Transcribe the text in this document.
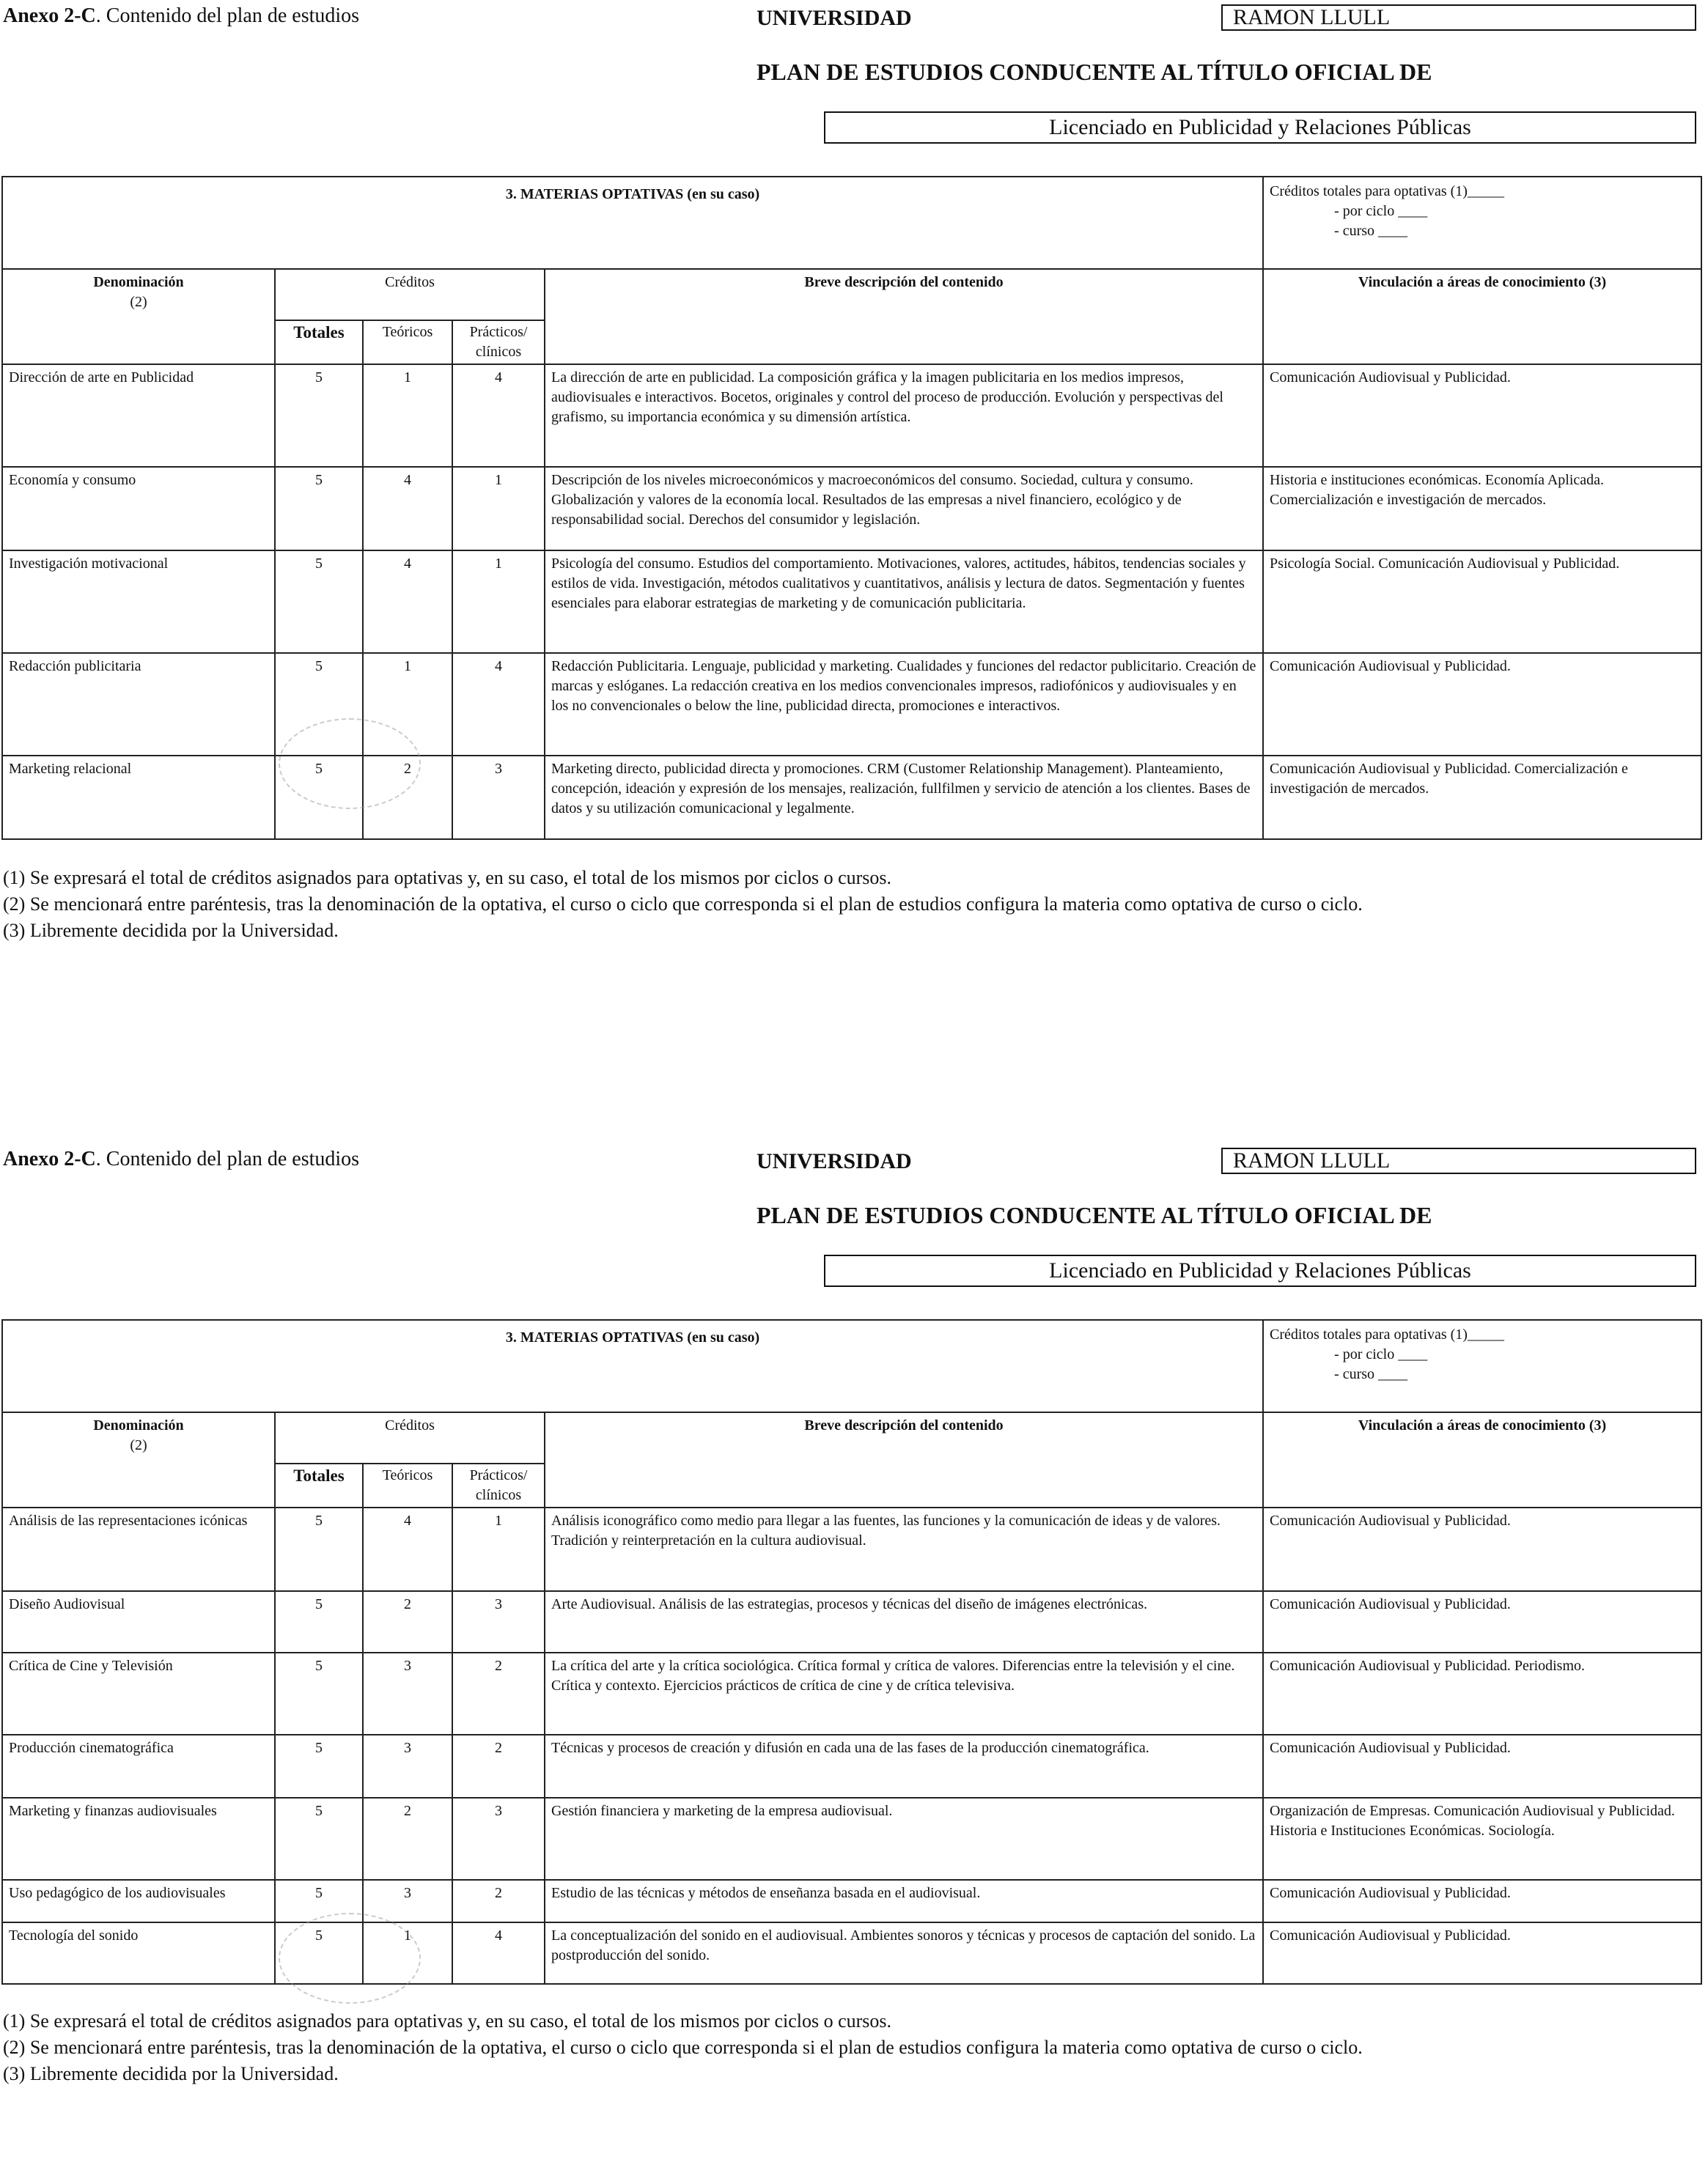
Anexo 2-C. Contenido del plan de estudios	UNIVERSIDAD	RAMON LLULL
PLAN DE ESTUDIOS CONDUCENTE AL TÍTULO OFICIAL DE
Licenciado en Publicidad y Relaciones Públicas
3. MATERIAS OPTATIVAS (en su caso)					Créditos totales para optativas (1)_____
- por ciclo ____
- curso ____

Denominación
(2)	Créditos			Breve descripción del contenido	Vinculación a áreas de conocimiento (3)
	Totales	Teóricos	Prácticos/ clínicos		
Dirección de arte en Publicidad	5	1	4	La dirección de arte en publicidad. La composición gráfica y la imagen publicitaria en los medios impresos, audiovisuales e interactivos. Bocetos, originales y control del proceso de producción. Evolución y perspectivas del grafismo, su importancia económica y su dimensión artística.	Comunicación Audiovisual y Publicidad.
Economía y consumo	5	4	1	Descripción de los niveles microeconómicos y macroeconómicos del consumo. Sociedad, cultura y consumo. Globalización y valores de la economía local. Resultados de las empresas a nivel financiero, ecológico y de responsabilidad social. Derechos del consumidor y legislación.	Historia e instituciones económicas. Economía Aplicada. Comercialización e investigación de mercados.
Investigación motivacional	5	4	1	Psicología del consumo. Estudios del comportamiento. Motivaciones, valores, actitudes, hábitos, tendencias sociales y estilos de vida. Investigación, métodos cualitativos y cuantitativos, análisis y lectura de datos. Segmentación y fuentes esenciales para elaborar estrategias de marketing y de comunicación publicitaria.	Psicología Social. Comunicación Audiovisual y Publicidad.
Redacción publicitaria	5	1	4	Redacción Publicitaria. Lenguaje, publicidad y marketing. Cualidades y funciones del redactor publicitario. Creación de marcas y eslóganes. La redacción creativa en los medios convencionales impresos, radiofónicos y audiovisuales y en los no convencionales o below the line, publicidad directa, promociones e interactivos.	Comunicación Audiovisual y Publicidad.
Marketing relacional	5	2	3	Marketing directo, publicidad directa y promociones. CRM (Customer Relationship Management). Planteamiento, concepción, ideación y expresión de los mensajes, realización, fullfilmen y servicio de atención a los clientes. Bases de datos y su utilización comunicacional y legalmente.	Comunicación Audiovisual y Publicidad. Comercialización e investigación de mercados.
(1) Se expresará el total de créditos asignados para optativas y, en su caso, el total de los mismos por ciclos o cursos.
(2) Se mencionará entre paréntesis, tras la denominación de la optativa, el curso o ciclo que corresponda si el plan de estudios configura la materia como optativa de curso o ciclo.
(3) Libremente decidida por la Universidad.
Anexo 2-C. Contenido del plan de estudios	UNIVERSIDAD	RAMON LLULL
PLAN DE ESTUDIOS CONDUCENTE AL TÍTULO OFICIAL DE
Licenciado en Publicidad y Relaciones Públicas
3. MATERIAS OPTATIVAS (en su caso)					Créditos totales para optativas (1)_____
- por ciclo ____
- curso ____

Denominación
(2)	Créditos			Breve descripción del contenido	Vinculación a áreas de conocimiento (3)
	Totales	Teóricos	Prácticos/ clínicos		
Análisis de las representaciones icónicas	5	4	1	Análisis iconográfico como medio para llegar a las fuentes, las funciones y la comunicación de ideas y de valores. Tradición y reinterpretación en la cultura audiovisual.	Comunicación Audiovisual y Publicidad.
Diseño Audiovisual	5	2	3	Arte Audiovisual. Análisis de las estrategias, procesos y técnicas del diseño de imágenes electrónicas.	Comunicación Audiovisual y Publicidad.
Crítica de Cine y Televisión	5	3	2	La crítica del arte y la crítica sociológica. Crítica formal y crítica de valores. Diferencias entre la televisión y el cine. Crítica y contexto. Ejercicios prácticos de crítica de cine y de crítica televisiva.	Comunicación Audiovisual y Publicidad. Periodismo.
Producción cinematográfica	5	3	2	Técnicas y procesos de creación y difusión en cada una de las fases de la producción cinematográfica.	Comunicación Audiovisual y Publicidad.
Marketing y finanzas audiovisuales	5	2	3	Gestión financiera y marketing de la empresa audiovisual.	Organización de Empresas. Comunicación Audiovisual y Publicidad. Historia e Instituciones Económicas. Sociología.
Uso pedagógico de los audiovisuales	5	3	2	Estudio de las técnicas y métodos de enseñanza basada en el audiovisual.	Comunicación Audiovisual y Publicidad.
Tecnología del sonido	5	1	4	La conceptualización del sonido en el audiovisual. Ambientes sonoros y técnicas y procesos de captación del sonido. La postproducción del sonido.	Comunicación Audiovisual y Publicidad.
(1) Se expresará el total de créditos asignados para optativas y, en su caso, el total de los mismos por ciclos o cursos.
(2) Se mencionará entre paréntesis, tras la denominación de la optativa, el curso o ciclo que corresponda si el plan de estudios configura la materia como optativa de curso o ciclo.
(3) Libremente decidida por la Universidad.
